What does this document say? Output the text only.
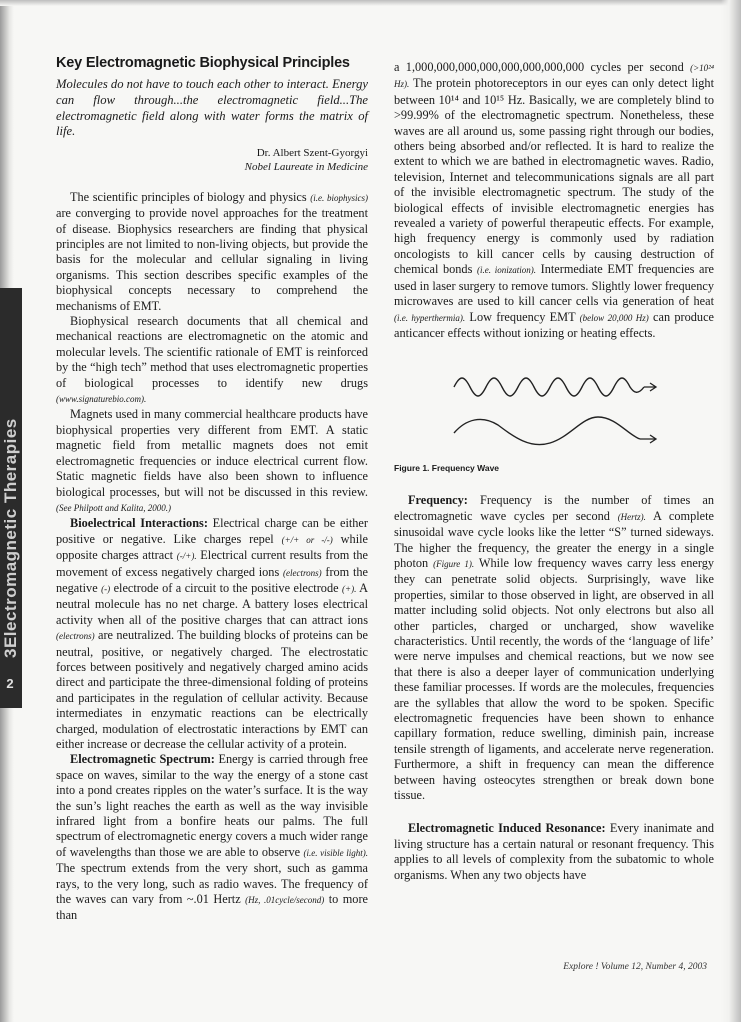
3Electromagnetic Therapies
2
Key Electromagnetic Biophysical Principles
Molecules do not have to touch each other to interact. Energy can flow through...the electromagnetic field...The electromagnetic field along with water forms the matrix of life.
Dr. Albert Szent-Gyorgyi
Nobel Laureate in Medicine

The scientific principles of biology and physics (i.e. biophysics) are converging to provide novel approaches for the treatment of disease. Biophysics researchers are finding that physical principles are not limited to non-living objects, but provide the basis for the molecular and cellular signaling in living organisms. This section describes specific examples of the biophysical concepts necessary to comprehend the mechanisms of EMT.

Biophysical research documents that all chemical and mechanical reactions are electromagnetic on the atomic and molecular levels. The scientific rationale of EMT is reinforced by the “high tech” method that uses electromagnetic properties of biological processes to identify new drugs (www.signaturebio.com).

Magnets used in many commercial healthcare products have biophysical properties very different from EMT. A static magnetic field from metallic magnets does not emit electromagnetic frequencies or induce electrical current flow. Static magnetic fields have also been shown to influence biological processes, but will not be discussed in this review. (See Philpott and Kalita, 2000.)

Bioelectrical Interactions: Electrical charge can be either positive or negative. Like charges repel (+/+ or -/-) while opposite charges attract (-/+). Electrical current results from the movement of excess negatively charged ions (electrons) from the negative (-) electrode of a circuit to the positive electrode (+). A neutral molecule has no net charge. A battery loses electrical activity when all of the positive charges that can attract ions (electrons) are neutralized. The building blocks of proteins can be neutral, positive, or negatively charged. The electrostatic forces between positively and negatively charged amino acids direct and participate the three-dimensional folding of proteins and participates in the regulation of cellular activity. Because intermediates in enzymatic reactions can be electrically charged, modulation of electrostatic interactions by EMT can either increase or decrease the cellular activity of a protein.

Electromagnetic Spectrum: Energy is carried through free space on waves, similar to the way the energy of a stone cast into a pond creates ripples on the water’s surface. It is the way the sun’s light reaches the earth as well as the way invisible infrared light from a bonfire heats our palms. The full spectrum of electromagnetic energy covers a much wider range of wavelengths than those we are able to observe (i.e. visible light). The spectrum extends from the very short, such as gamma rays, to the very long, such as radio waves. The frequency of the waves can vary from ~.01 Hertz (Hz, .01cycle/second) to more than

a 1,000,000,000,000,000,000,000,000 cycles per second (>10²⁴ Hz). The protein photoreceptors in our eyes can only detect light between 10¹⁴ and 10¹⁵ Hz. Basically, we are completely blind to >99.99% of the electromagnetic spectrum. Nonetheless, these waves are all around us, some passing right through our bodies, others being absorbed and/or reflected. It is hard to realize the extent to which we are bathed in electromagnetic waves. Radio, television, Internet and telecommunications signals are all part of the invisible electromagnetic spectrum. The study of the biological effects of invisible electromagnetic energies has revealed a variety of powerful therapeutic effects. For example, high frequency energy is commonly used by radiation oncologists to kill cancer cells by causing destruction of chemical bonds (i.e. ionization). Intermediate EMT frequencies are used in laser surgery to remove tumors. Slightly lower frequency microwaves are used to kill cancer cells via generation of heat (i.e. hyperthermia). Low frequency EMT (below 20,000 Hz) can produce anticancer effects without ionizing or heating effects.

Figure 1. Frequency Wave

Frequency: Frequency is the number of times an electromagnetic wave cycles per second (Hertz). A complete sinusoidal wave cycle looks like the letter “S” turned sideways. The higher the frequency, the greater the energy in a single photon (Figure 1). While low frequency waves carry less energy they can penetrate solid objects. Surprisingly, wave like properties, similar to those observed in light, are observed in all matter including solid objects. Not only electrons but also all other particles, charged or uncharged, show wavelike characteristics. Until recently, the words of the ‘language of life’ were nerve impulses and chemical reactions, but we now see that there is also a deeper layer of communication underlying these familiar processes. If words are the molecules, frequencies are the syllables that allow the word to be spoken. Specific electromagnetic frequencies have been shown to enhance capillary formation, reduce swelling, diminish pain, increase tensile strength of ligaments, and accelerate nerve regeneration. Furthermore, a shift in frequency can mean the difference between having osteocytes strengthen or break down bone tissue.

Electromagnetic Induced Resonance: Every inanimate and living structure has a certain natural or resonant frequency. This applies to all levels of complexity from the subatomic to whole organisms. When any two objects have

Explore ! Volume 12, Number 4, 2003
